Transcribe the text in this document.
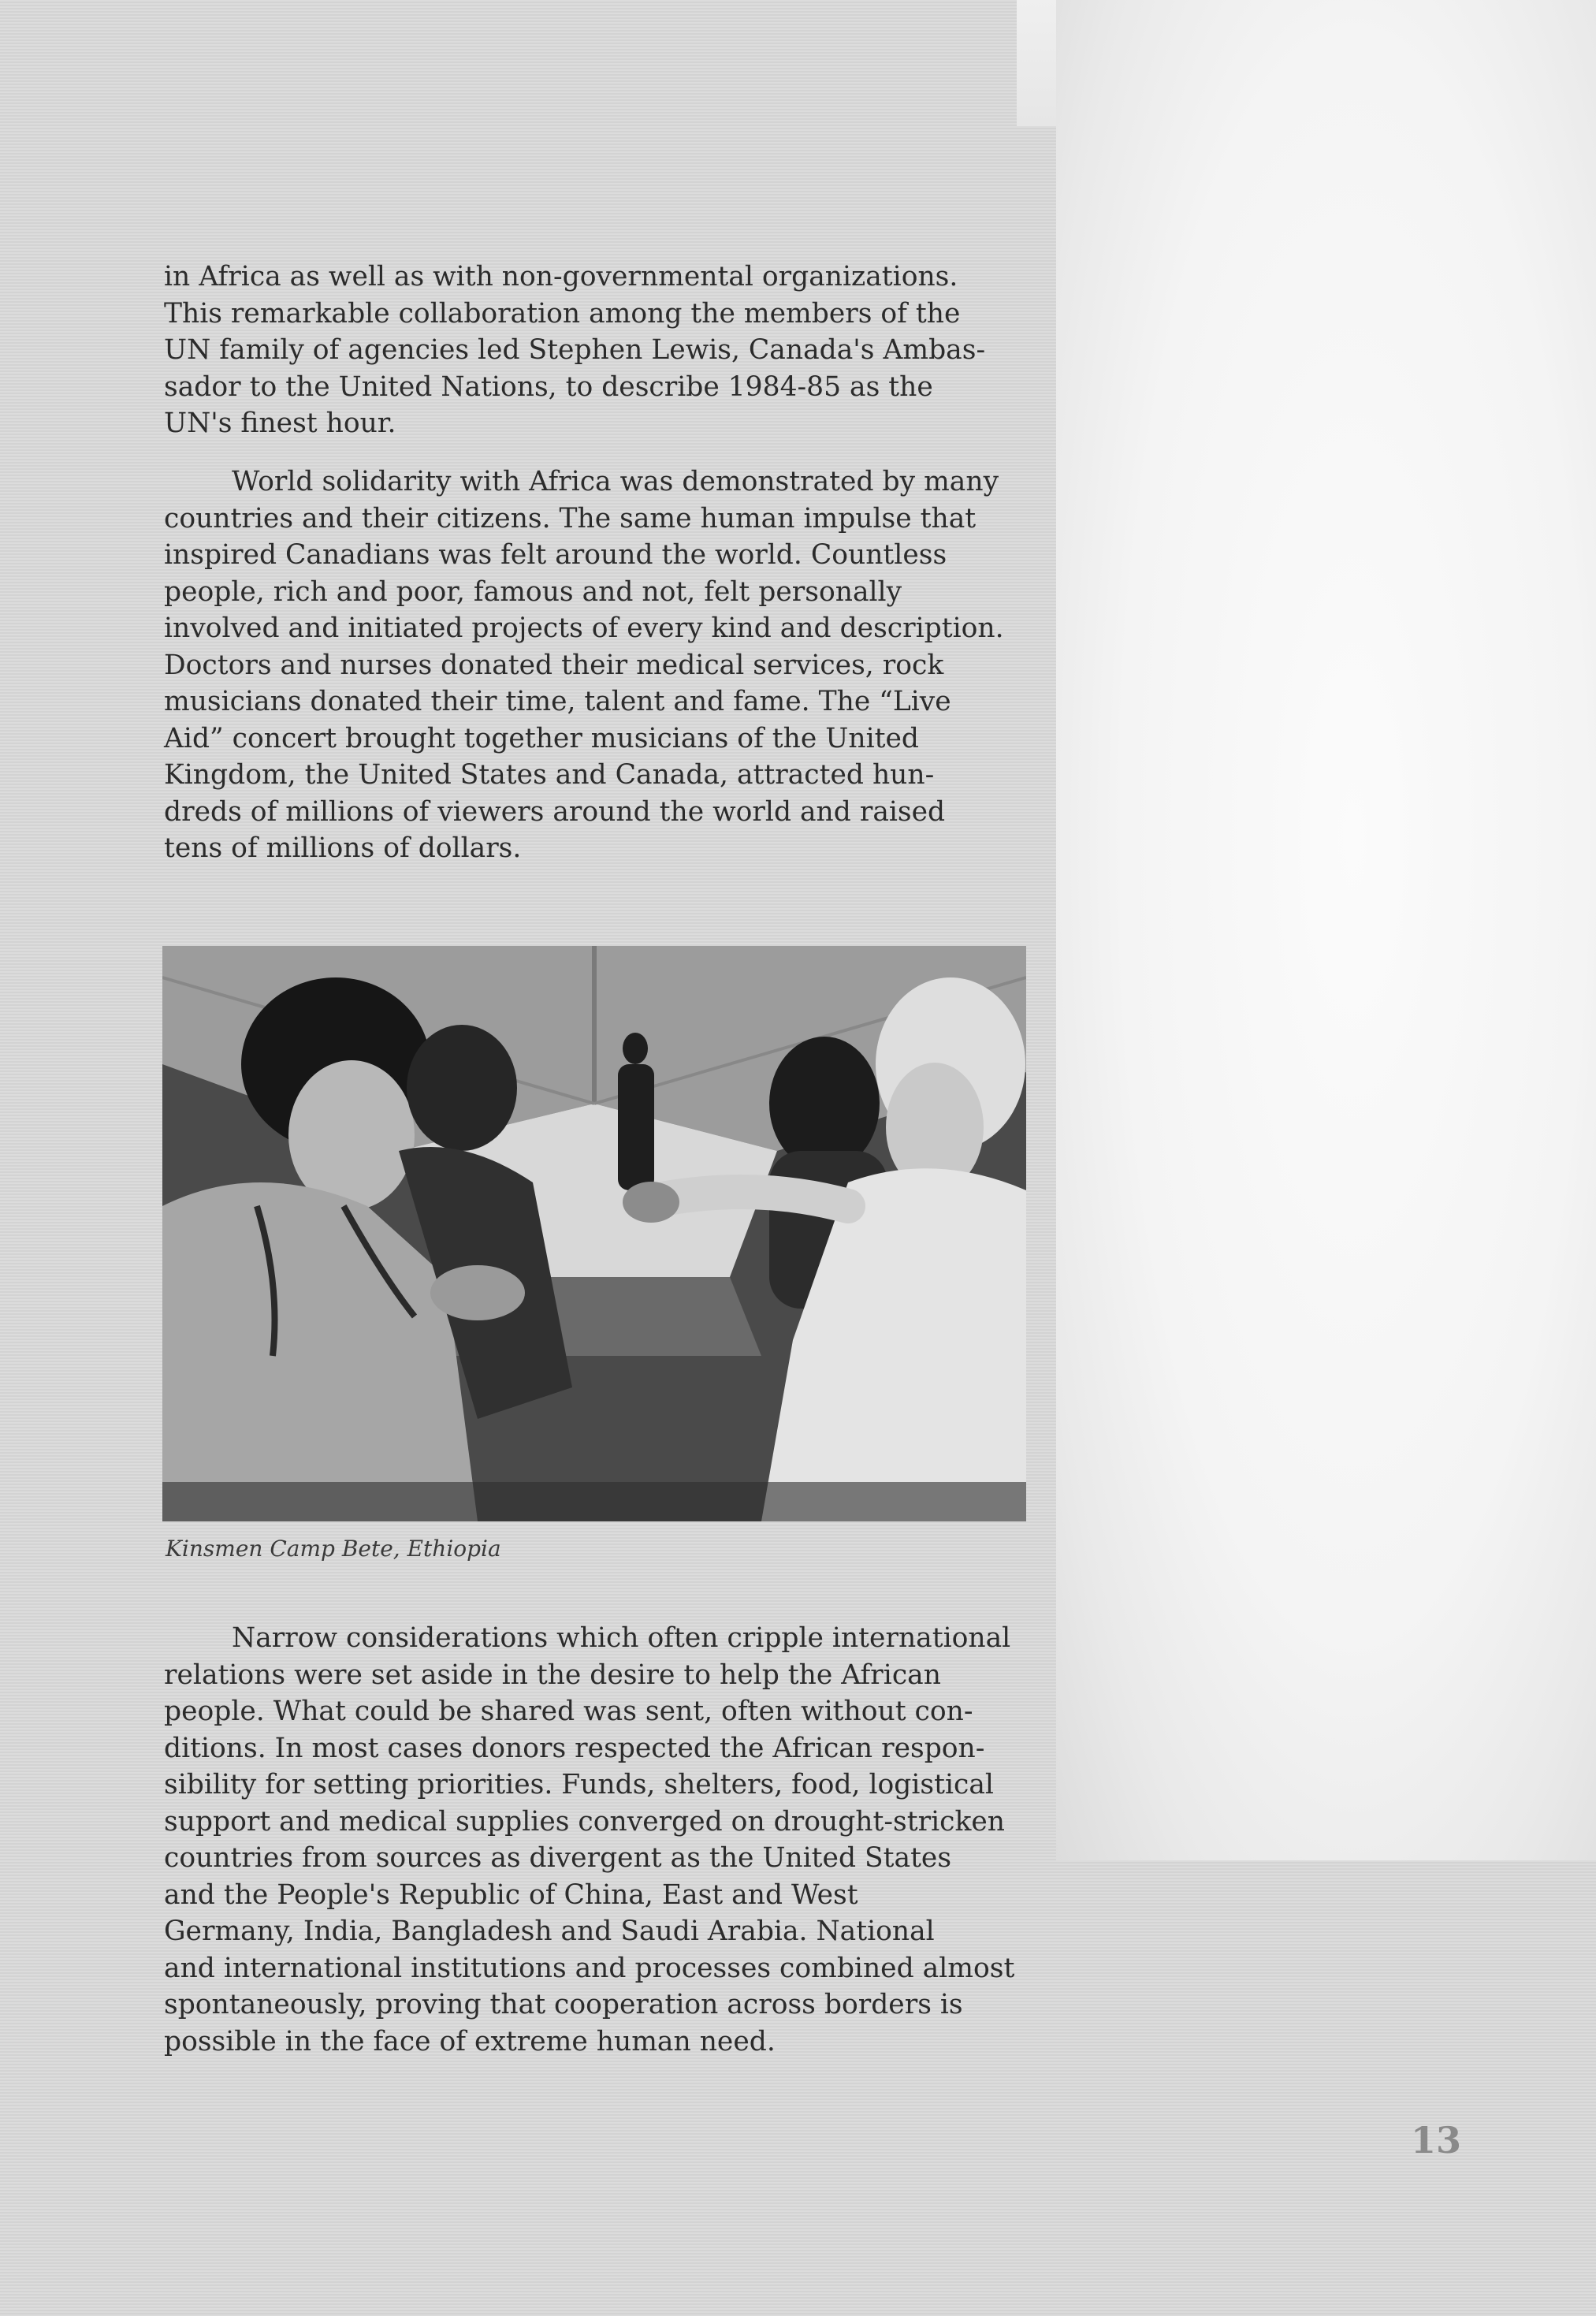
in Africa as well as with non-governmental organizations.
This remarkable collaboration among the members of the
UN family of agencies led Stephen Lewis, Canada's Ambas-
sador to the United Nations, to describe 1984-85 as the
UN's finest hour.

World solidarity with Africa was demonstrated by many
countries and their citizens. The same human impulse that
inspired Canadians was felt around the world. Countless
people, rich and poor, famous and not, felt personally
involved and initiated projects of every kind and description.
Doctors and nurses donated their medical services, rock
musicians donated their time, talent and fame. The “Live
Aid” concert brought together musicians of the United
Kingdom, the United States and Canada, attracted hun-
dreds of millions of viewers around the world and raised
tens of millions of dollars.

Kinsmen Camp Bete, Ethiopia

Narrow considerations which often cripple international
relations were set aside in the desire to help the African
people. What could be shared was sent, often without con-
ditions. In most cases donors respected the African respon-
sibility for setting priorities. Funds, shelters, food, logistical
support and medical supplies converged on drought-stricken
countries from sources as divergent as the United States
and the People's Republic of China, East and West
Germany, India, Bangladesh and Saudi Arabia. National
and international institutions and processes combined almost
spontaneously, proving that cooperation across borders is
possible in the face of extreme human need.

13
